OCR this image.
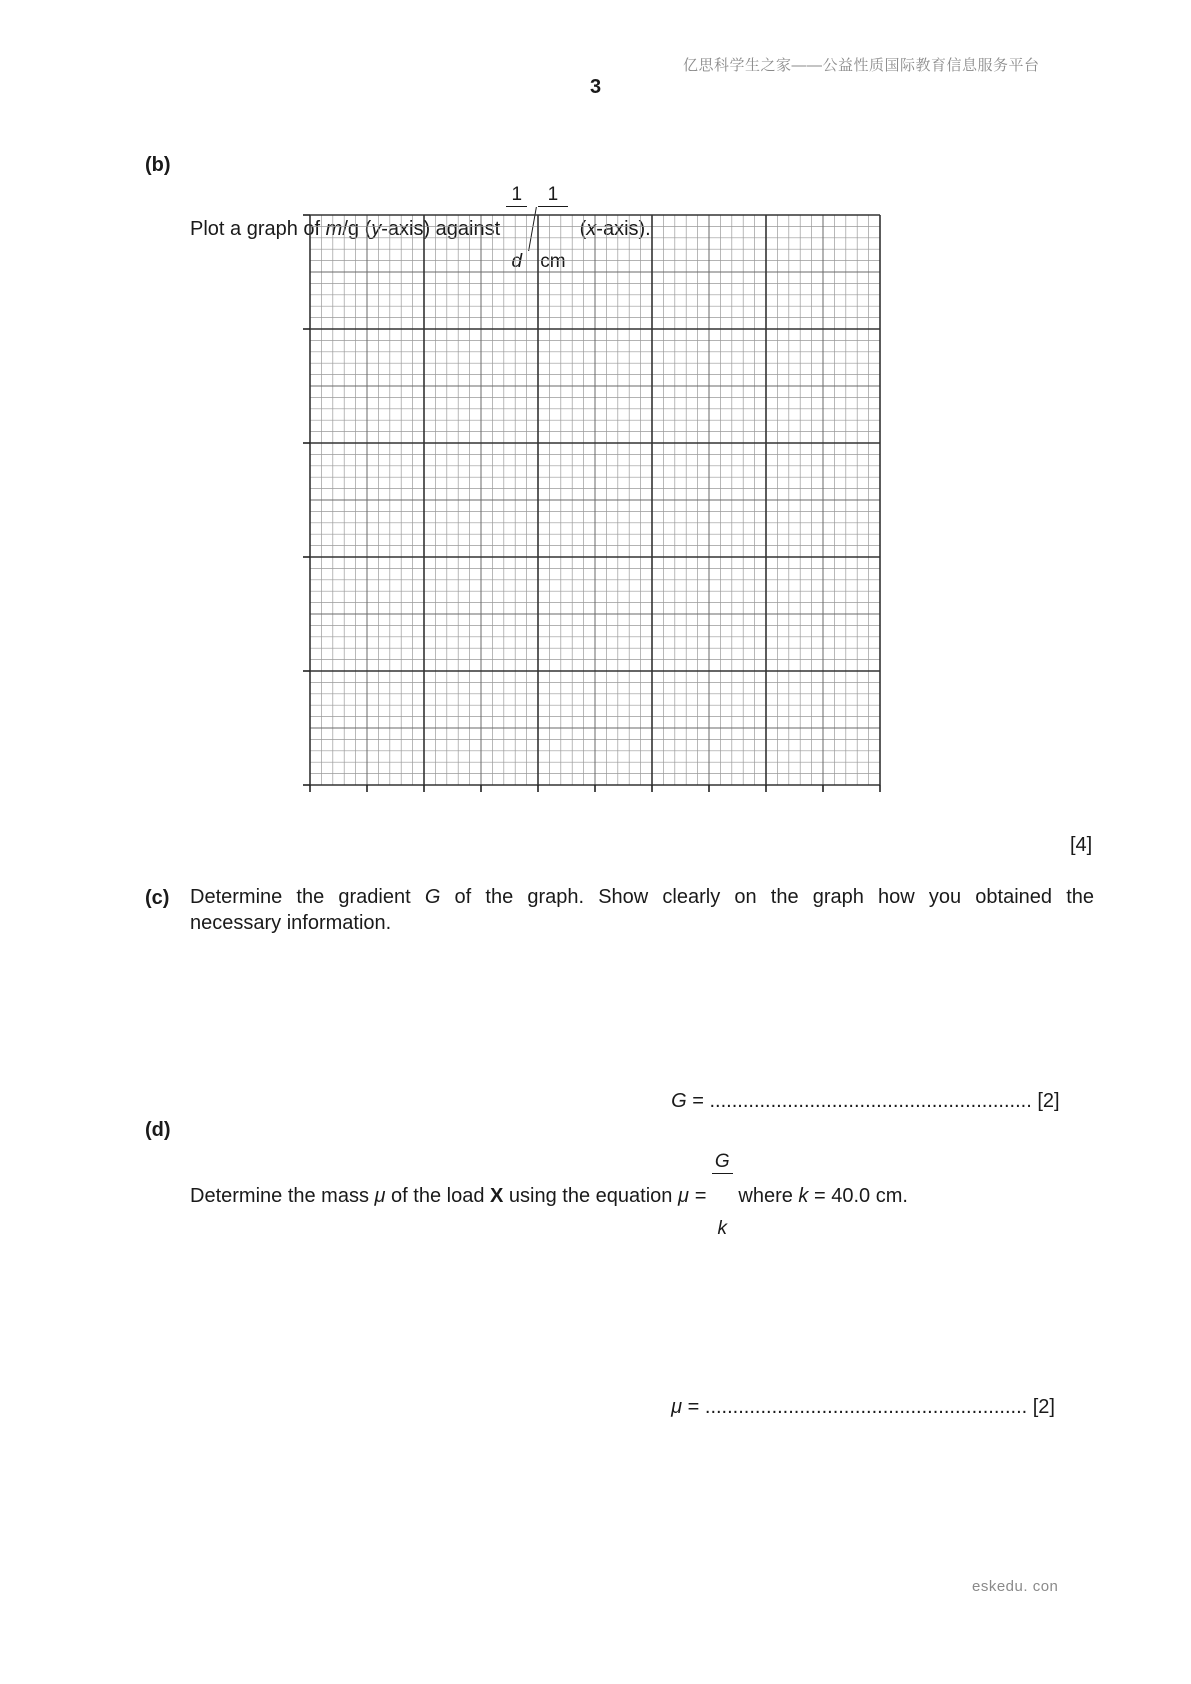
亿思科学生之家——公益性质国际教育信息服务平台
3
(b)
Plot a graph of m /g ( y -axis) against

$\frac{1}{d}$

$\frac{1}{cm}$

( x -axis).
[4]
(c) Determine the gradient G of the graph. Show clearly on the graph how you obtained the
necessary information.

G = .......................................................... [2]

(d)
Determine the mass μ of the load X using the equation μ =

$\frac{G}{k}$

where k = 40.0 cm.

μ = .......................................................... [2]

eskedu. con
